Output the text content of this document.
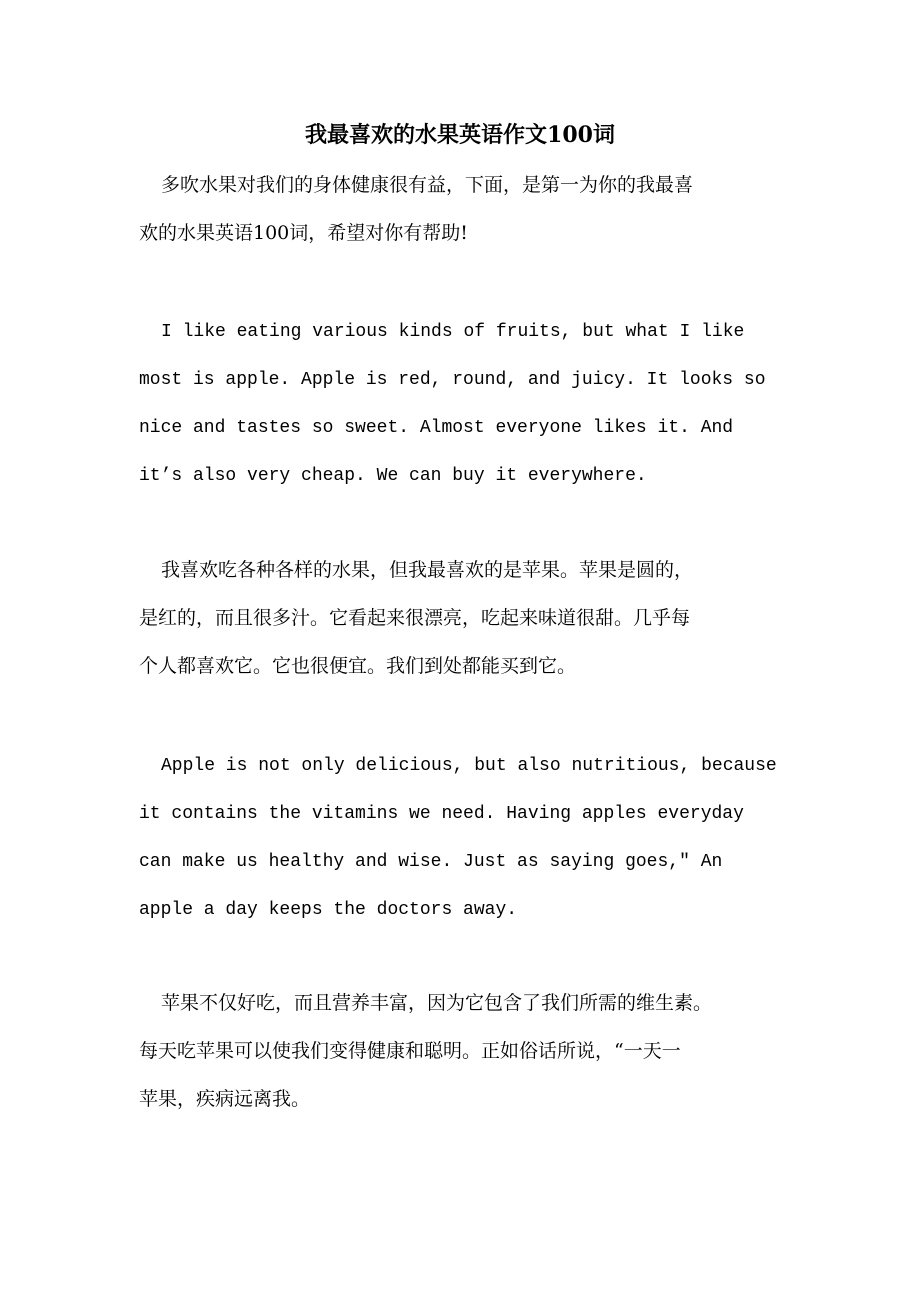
我最喜欢的水果英语作文100词
多吹水果对我们的身体健康很有益，下面，是第一为你的我最喜
欢的水果英语100词，希望对你有帮助!
I like eating various kinds of fruits, but what I like
most is apple. Apple is red, round, and juicy. It looks so
nice and tastes so sweet. Almost everyone likes it. And
it’s also very cheap. We can buy it everywhere.
我喜欢吃各种各样的水果，但我最喜欢的是苹果。苹果是圆的，
是红的，而且很多汁。它看起来很漂亮，吃起来味道很甜。几乎每
个人都喜欢它。它也很便宜。我们到处都能买到它。
Apple is not only delicious, but also nutritious, because
it contains the vitamins we need. Having apples everyday
can make us healthy and wise. Just as saying goes,″ An
apple a day keeps the doctors away.
苹果不仅好吃，而且营养丰富，因为它包含了我们所需的维生素。
每天吃苹果可以使我们变得健康和聪明。正如俗话所说，“一天一
苹果，疾病远离我。
